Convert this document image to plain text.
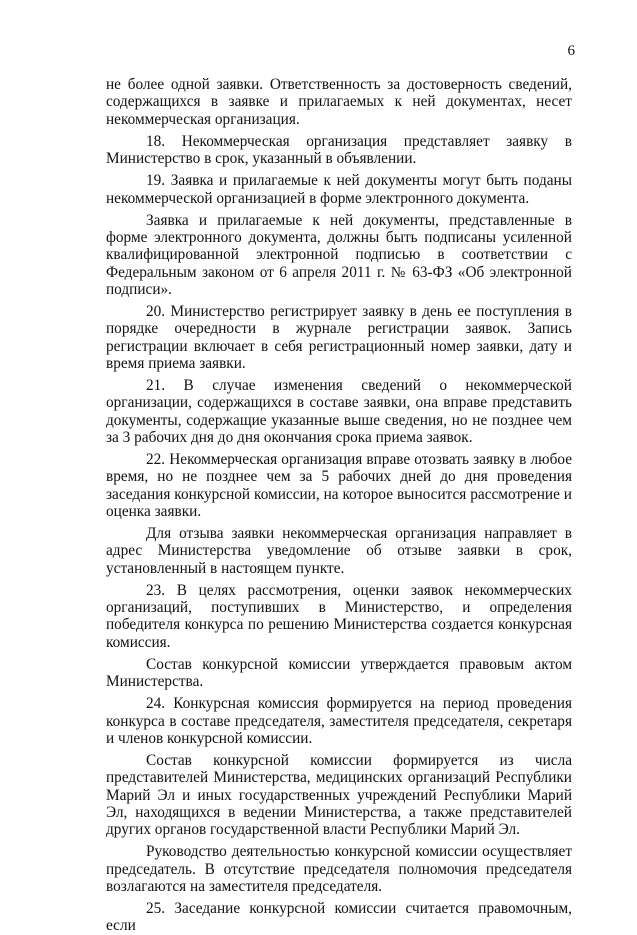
6

не более одной заявки. Ответственность за достоверность сведений, содержащихся в заявке и прилагаемых к ней документах, несет некоммерческая организация.

18. Некоммерческая организация представляет заявку в Министерство в срок, указанный в объявлении.

19. Заявка и прилагаемые к ней документы могут быть поданы некоммерческой организацией в форме электронного документа.

Заявка и прилагаемые к ней документы, представленные в форме электронного документа, должны быть подписаны усиленной квалифицированной электронной подписью в соответствии с Федеральным законом от 6 апреля 2011 г. № 63-ФЗ «Об электронной подписи».

20. Министерство регистрирует заявку в день ее поступления в порядке очередности в журнале регистрации заявок. Запись регистрации включает в себя регистрационный номер заявки, дату и время приема заявки.

21. В случае изменения сведений о некоммерческой организации, содержащихся в составе заявки, она вправе представить документы, содержащие указанные выше сведения, но не позднее чем за 3 рабочих дня до дня окончания срока приема заявок.

22. Некоммерческая организация вправе отозвать заявку в любое время, но не позднее чем за 5 рабочих дней до дня проведения заседания конкурсной комиссии, на которое выносится рассмотрение и оценка заявки.

Для отзыва заявки некоммерческая организация направляет в адрес Министерства уведомление об отзыве заявки в срок, установленный в настоящем пункте.

23. В целях рассмотрения, оценки заявок некоммерческих организаций, поступивших в Министерство, и определения победителя конкурса по решению Министерства создается конкурсная комиссия.

Состав конкурсной комиссии утверждается правовым актом Министерства.

24. Конкурсная комиссия формируется на период проведения конкурса в составе председателя, заместителя председателя, секретаря и членов конкурсной комиссии.

Состав конкурсной комиссии формируется из числа представителей Министерства, медицинских организаций Республики Марий Эл и иных государственных учреждений Республики Марий Эл, находящихся в ведении Министерства, а также представителей других органов государственной власти Республики Марий Эл.

Руководство деятельностью конкурсной комиссии осуществляет председатель. В отсутствие председателя полномочия председателя возлагаются на заместителя председателя.

25. Заседание конкурсной комиссии считается правомочным, если
